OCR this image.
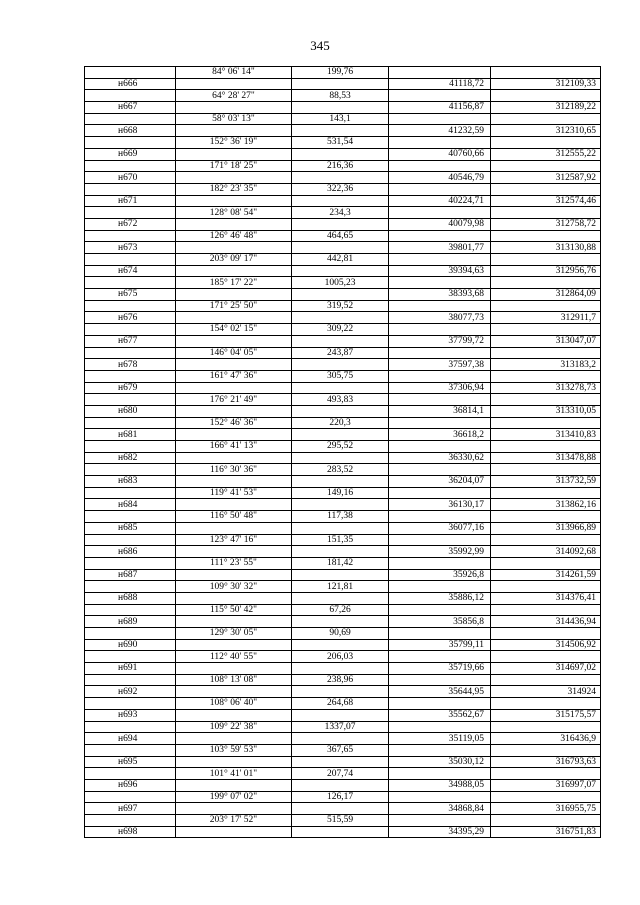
345
	84° 06' 14"	199,76		
н666			41118,72	312109,33
	64° 28' 27"	88,53		
н667			41156,87	312189,22
	58° 03' 13"	143,1		
н668			41232,59	312310,65
	152° 36' 19"	531,54		
н669			40760,66	312555,22
	171° 18' 25"	216,36		
н670			40546,79	312587,92
	182° 23' 35"	322,36		
н671			40224,71	312574,46
	128° 08' 54"	234,3		
н672			40079,98	312758,72
	126° 46' 48"	464,65		
н673			39801,77	313130,88
	203° 09' 17"	442,81		
н674			39394,63	312956,76
	185° 17' 22"	1005,23		
н675			38393,68	312864,09
	171° 25' 50"	319,52		
н676			38077,73	312911,7
	154° 02' 15"	309,22		
н677			37799,72	313047,07
	146° 04' 05"	243,87		
н678			37597,38	313183,2
	161° 47' 36"	305,75		
н679			37306,94	313278,73
	176° 21' 49"	493,83		
н680			36814,1	313310,05
	152° 46' 36"	220,3		
н681			36618,2	313410,83
	166° 41' 13"	295,52		
н682			36330,62	313478,88
	116° 30' 36"	283,52		
н683			36204,07	313732,59
	119° 41' 53"	149,16		
н684			36130,17	313862,16
	116° 50' 48"	117,38		
н685			36077,16	313966,89
	123° 47' 16"	151,35		
н686			35992,99	314092,68
	111° 23' 55"	181,42		
н687			35926,8	314261,59
	109° 30' 32"	121,81		
н688			35886,12	314376,41
	115° 50' 42"	67,26		
н689			35856,8	314436,94
	129° 30' 05"	90,69		
н690			35799,11	314506,92
	112° 40' 55"	206,03		
н691			35719,66	314697,02
	108° 13' 08"	238,96		
н692			35644,95	314924
	108° 06' 40"	264,68		
н693			35562,67	315175,57
	109° 22' 38"	1337,07		
н694			35119,05	316436,9
	103° 59' 53"	367,65		
н695			35030,12	316793,63
	101° 41' 01"	207,74		
н696			34988,05	316997,07
	199° 07' 02"	126,17		
н697			34868,84	316955,75
	203° 17' 52"	515,59		
н698			34395,29	316751,83
